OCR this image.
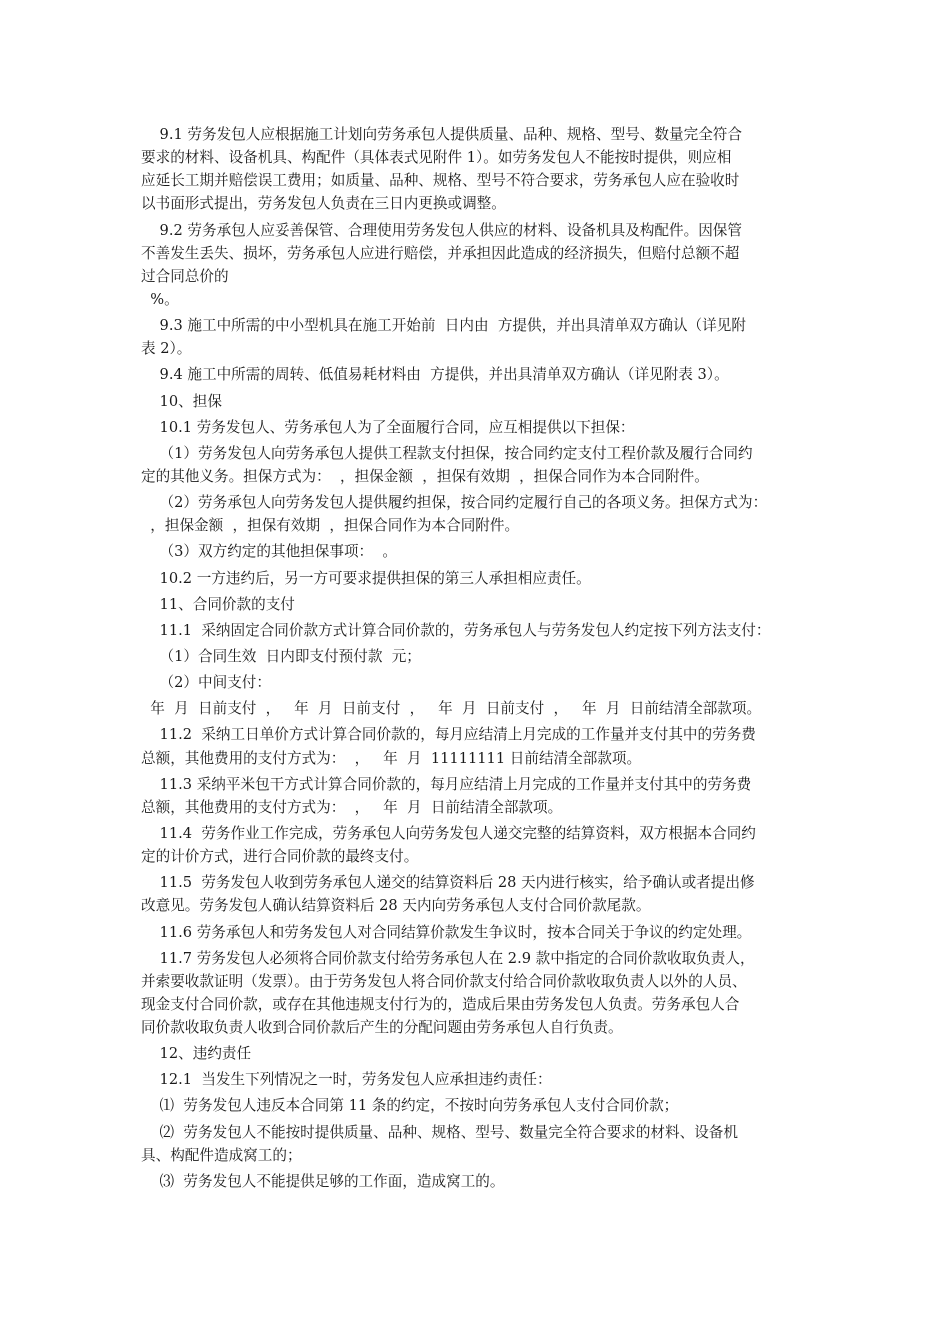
9.1 劳务发包人应根据施工计划向劳务承包人提供质量、品种、规格、型号、数量完全符合
要求的材料、设备机具、构配件（具体表式见附件 1）。如劳务发包人不能按时提供，则应相
应延长工期并赔偿误工费用；如质量、品种、规格、型号不符合要求，劳务承包人应在验收时
以书面形式提出，劳务发包人负责在三日内更换或调整。
9.2 劳务承包人应妥善保管、合理使用劳务发包人供应的材料、设备机具及构配件。因保管
不善发生丢失、损坏，劳务承包人应进行赔偿，并承担因此造成的经济损失，但赔付总额不超
过合同总价的
%。
9.3 施工中所需的中小型机具在施工开始前  日内由  方提供，并出具清单双方确认（详见附
表 2）。
9.4 施工中所需的周转、低值易耗材料由  方提供，并出具清单双方确认（详见附表 3）。
10、担保
10.1 劳务发包人、劳务承包人为了全面履行合同，应互相提供以下担保：
（1）劳务发包人向劳务承包人提供工程款支付担保，按合同约定支付工程价款及履行合同约
定的其他义务。担保方式为：  ，担保金额  ，担保有效期  ，担保合同作为本合同附件。
（2）劳务承包人向劳务发包人提供履约担保，按合同约定履行自己的各项义务。担保方式为：
，担保金额  ，担保有效期  ，担保合同作为本合同附件。
（3）双方约定的其他担保事项：  。
10.2 一方违约后，另一方可要求提供担保的第三人承担相应责任。
11、合同价款的支付
11.1  采纳固定合同价款方式计算合同价款的，劳务承包人与劳务发包人约定按下列方法支付：
（1）合同生效  日内即支付预付款  元；
（2）中间支付：
年  月  日前支付  ，   年  月  日前支付  ，   年  月  日前支付  ，   年  月  日前结清全部款项。
11.2  采纳工日单价方式计算合同价款的，每月应结清上月完成的工作量并支付其中的劳务费
总额，其他费用的支付方式为：  ，   年  月  11111111 日前结清全部款项。
11.3 采纳平米包干方式计算合同价款的，每月应结清上月完成的工作量并支付其中的劳务费
总额，其他费用的支付方式为：  ，   年  月  日前结清全部款项。
11.4  劳务作业工作完成，劳务承包人向劳务发包人递交完整的结算资料，双方根据本合同约
定的计价方式，进行合同价款的最终支付。
11.5  劳务发包人收到劳务承包人递交的结算资料后 28 天内进行核实，给予确认或者提出修
改意见。劳务发包人确认结算资料后 28 天内向劳务承包人支付合同价款尾款。
11.6 劳务承包人和劳务发包人对合同结算价款发生争议时，按本合同关于争议的约定处理。
11.7 劳务发包人必须将合同价款支付给劳务承包人在 2.9 款中指定的合同价款收取负责人，
并索要收款证明（发票）。由于劳务发包人将合同价款支付给合同价款收取负责人以外的人员、
现金支付合同价款，或存在其他违规支付行为的，造成后果由劳务发包人负责。劳务承包人合
同价款收取负责人收到合同价款后产生的分配问题由劳务承包人自行负责。
12、违约责任
12.1  当发生下列情况之一时，劳务发包人应承担违约责任：
⑴  劳务发包人违反本合同第 11 条的约定，不按时向劳务承包人支付合同价款；
⑵  劳务发包人不能按时提供质量、品种、规格、型号、数量完全符合要求的材料、设备机
具、构配件造成窝工的；
⑶  劳务发包人不能提供足够的工作面，造成窝工的。
